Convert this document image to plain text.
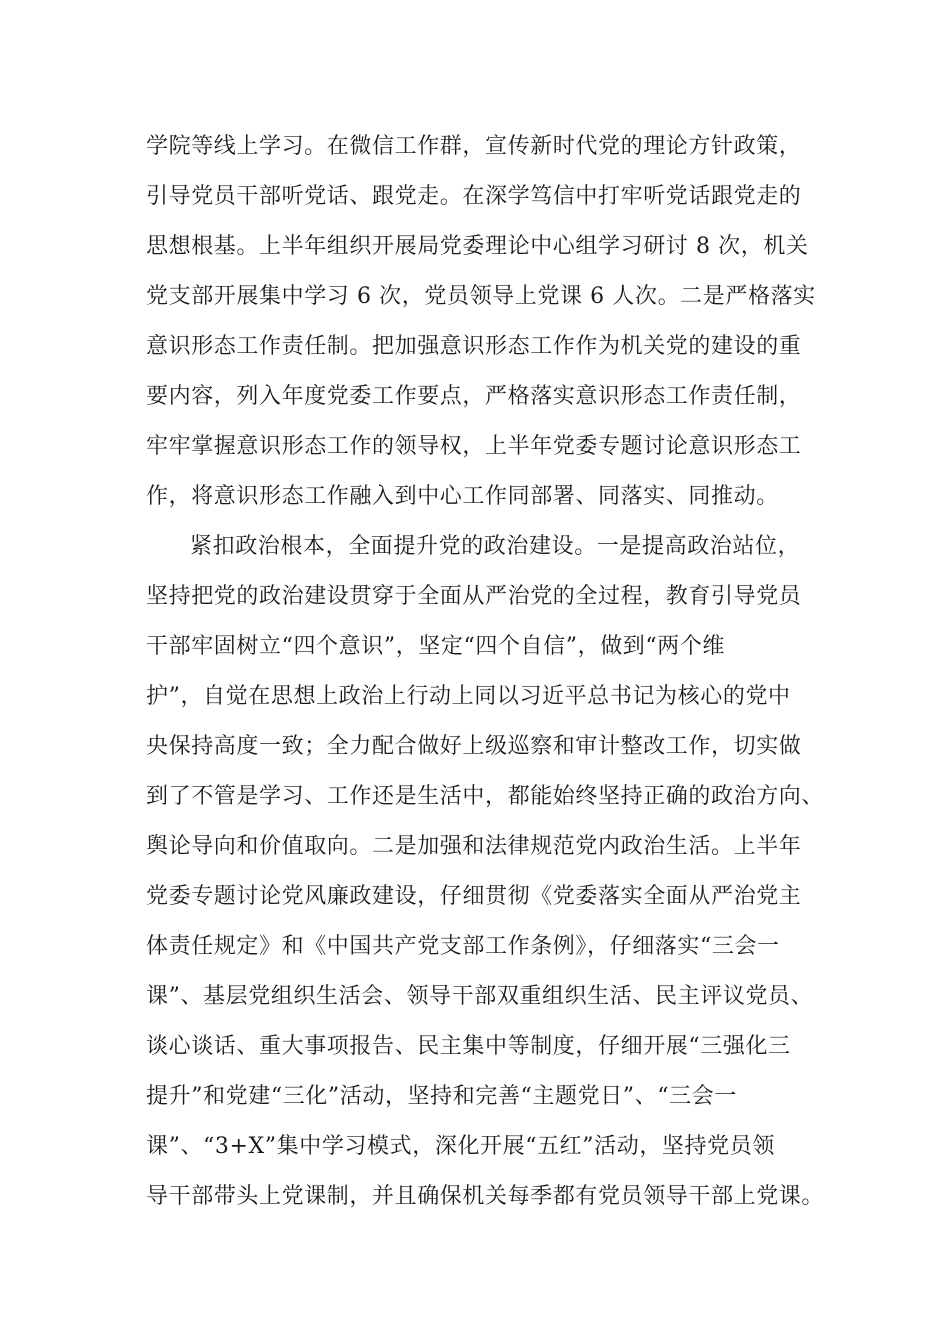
学院等线上学习。在微信工作群，宣传新时代党的理论方针政策，
引导党员干部听党话、跟党走。在深学笃信中打牢听党话跟党走的
思想根基。上半年组织开展局党委理论中心组学习研讨 8 次，机关
党支部开展集中学习 6 次，党员领导上党课 6 人次。二是严格落实
意识形态工作责任制。把加强意识形态工作作为机关党的建设的重
要内容，列入年度党委工作要点，严格落实意识形态工作责任制，
牢牢掌握意识形态工作的领导权，上半年党委专题讨论意识形态工
作，将意识形态工作融入到中心工作同部署、同落实、同推动。
紧扣政治根本，全面提升党的政治建设。一是提高政治站位，
坚持把党的政治建设贯穿于全面从严治党的全过程，教育引导党员
干部牢固树立“四个意识”，坚定“四个自信”，做到“两个维
护”，自觉在思想上政治上行动上同以习近平总书记为核心的党中
央保持高度一致；全力配合做好上级巡察和审计整改工作，切实做
到了不管是学习、工作还是生活中，都能始终坚持正确的政治方向、
舆论导向和价值取向。二是加强和法律规范党内政治生活。上半年
党委专题讨论党风廉政建设，仔细贯彻《党委落实全面从严治党主
体责任规定》和《中国共产党支部工作条例》，仔细落实“三会一
课”、基层党组织生活会、领导干部双重组织生活、民主评议党员、
谈心谈话、重大事项报告、民主集中等制度，仔细开展“三强化三
提升”和党建“三化”活动，坚持和完善“主题党日”、“三会一
课”、“3+X”集中学习模式，深化开展“五红”活动，坚持党员领
导干部带头上党课制，并且确保机关每季都有党员领导干部上党课。
